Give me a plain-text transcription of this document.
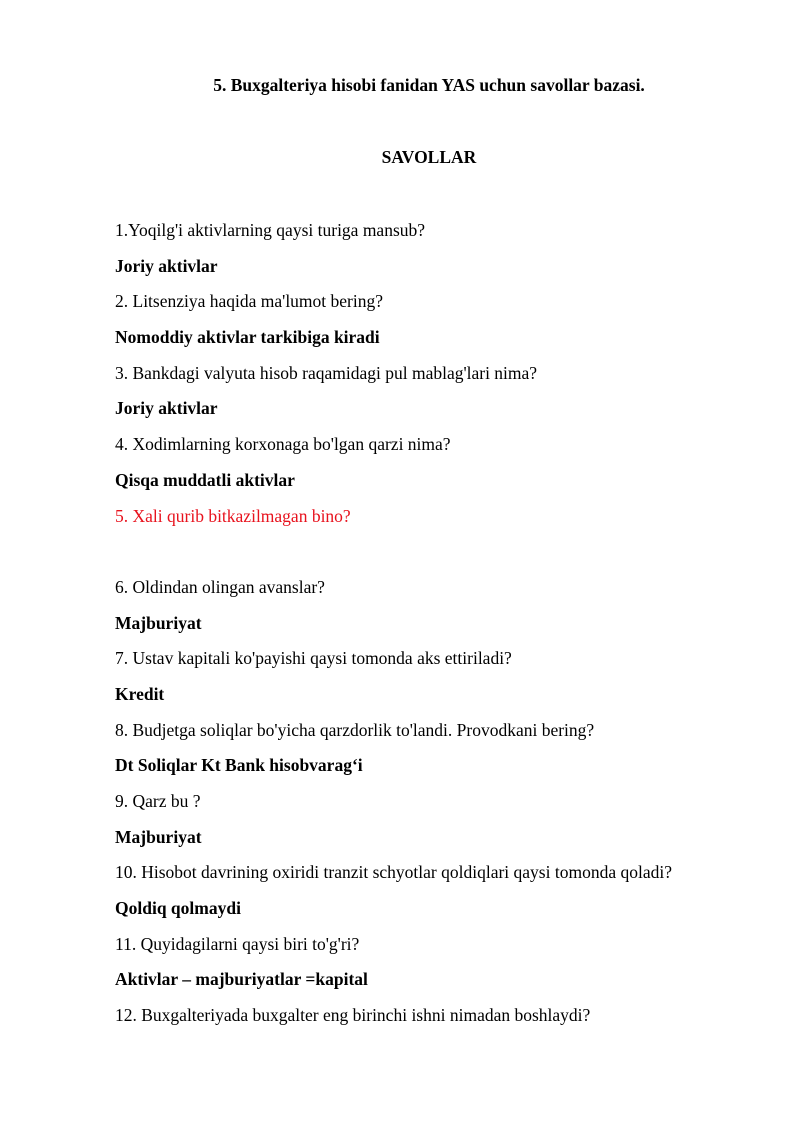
5. Buxgalteriya hisobi fanidan YAS uchun savollar bazasi.
SAVOLLAR

1.Yoqilg'i aktivlarning qaysi turiga mansub?

Joriy aktivlar

2. Litsenziya haqida ma'lumot bering?

Nomoddiy aktivlar tarkibiga kiradi

3. Bankdagi valyuta hisob raqamidagi pul mablag'lari nima?

Joriy aktivlar

4. Xodimlarning korxonaga bo'lgan qarzi nima?

Qisqa muddatli aktivlar

5. Xali qurib bitkazilmagan bino?

6. Oldindan olingan avanslar?

Majburiyat

7. Ustav kapitali ko'payishi qaysi tomonda aks ettiriladi?

Kredit

8. Budjetga soliqlar bo'yicha qarzdorlik to'landi. Provodkani bering?

Dt Soliqlar Kt Bank hisobvarag‘i

9. Qarz bu ?

Majburiyat

10. Hisobot davrining oxiridi tranzit schyotlar qoldiqlari qaysi tomonda qoladi?

Qoldiq qolmaydi

11. Quyidagilarni qaysi biri to'g'ri?

Aktivlar – majburiyatlar =kapital

12. Buxgalteriyada buxgalter eng birinchi ishni nimadan boshlaydi?
